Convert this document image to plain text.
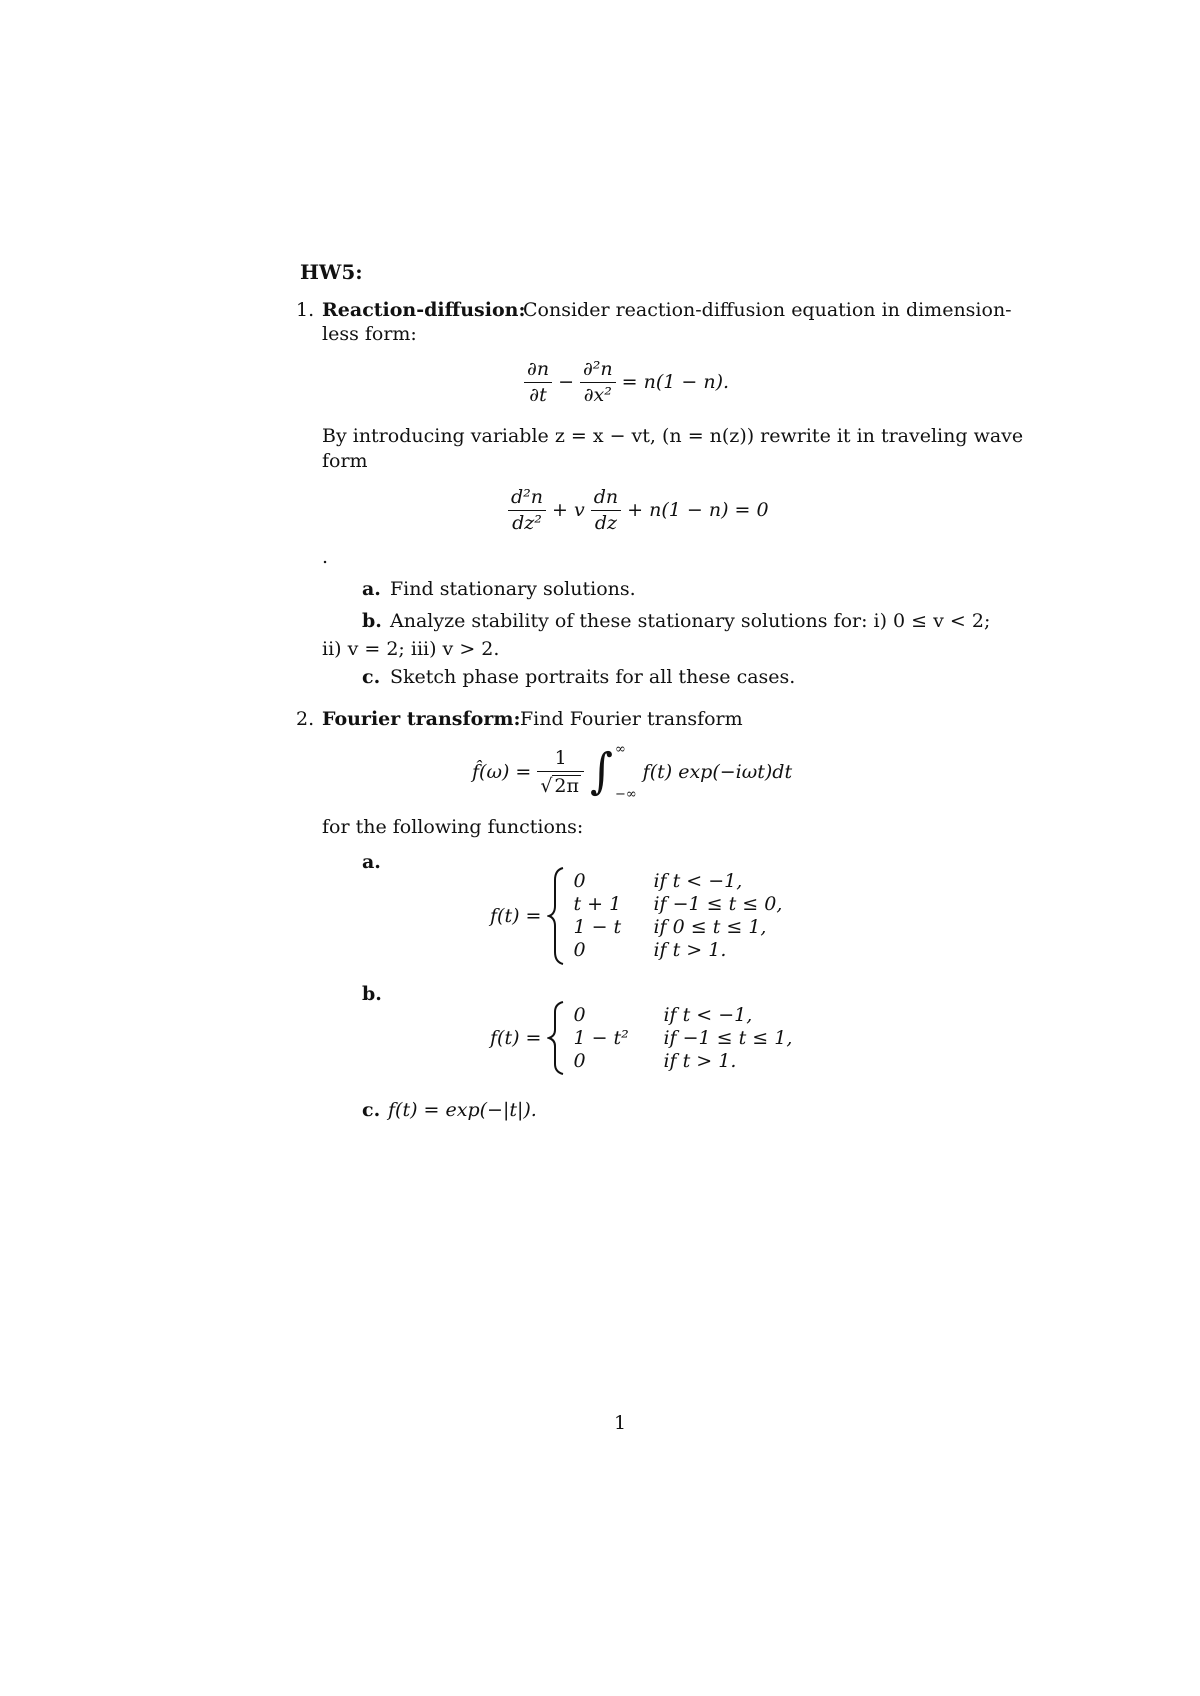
HW5:
1. Reaction-diffusion:
Consider reaction-diffusion equation in dimension-
less form:
$\frac{\partial n}{\partial t} - \frac{\text{∂²n}}{\text{∂x²}} = n(1 - n)$.
By introducing variable z = x − vt, (n = n(z)) rewrite it in traveling wave
form
$\frac{\text{d²n}}{\text{dz²}} + v \frac{dn}{dz} + n(1 - n) = 0$
.
a. Find stationary solutions.
b. Analyze stability of these stationary solutions for: i) 0 ≤ v < 2;
ii) v = 2; iii) v > 2.
c. Sketch phase portraits for all these cases.
2. Fourier transform: Find Fourier transform
f̂(ω) = $\frac{1}{√ 2\pi}$ ∫ ∞
−∞
f(t) exp(−iωt)dt
for the following functions:
a.
f(t) =
0	if t < −1,
t + 1	if −1 ≤ t ≤ 0,
1 − t	if 0 ≤ t ≤ 1,
0	if t > 1.
b.
f(t) =
0	if t < −1,
1 − t²	if −1 ≤ t ≤ 1,
0	if t > 1.
c. f(t) = exp(−|t|).
1
